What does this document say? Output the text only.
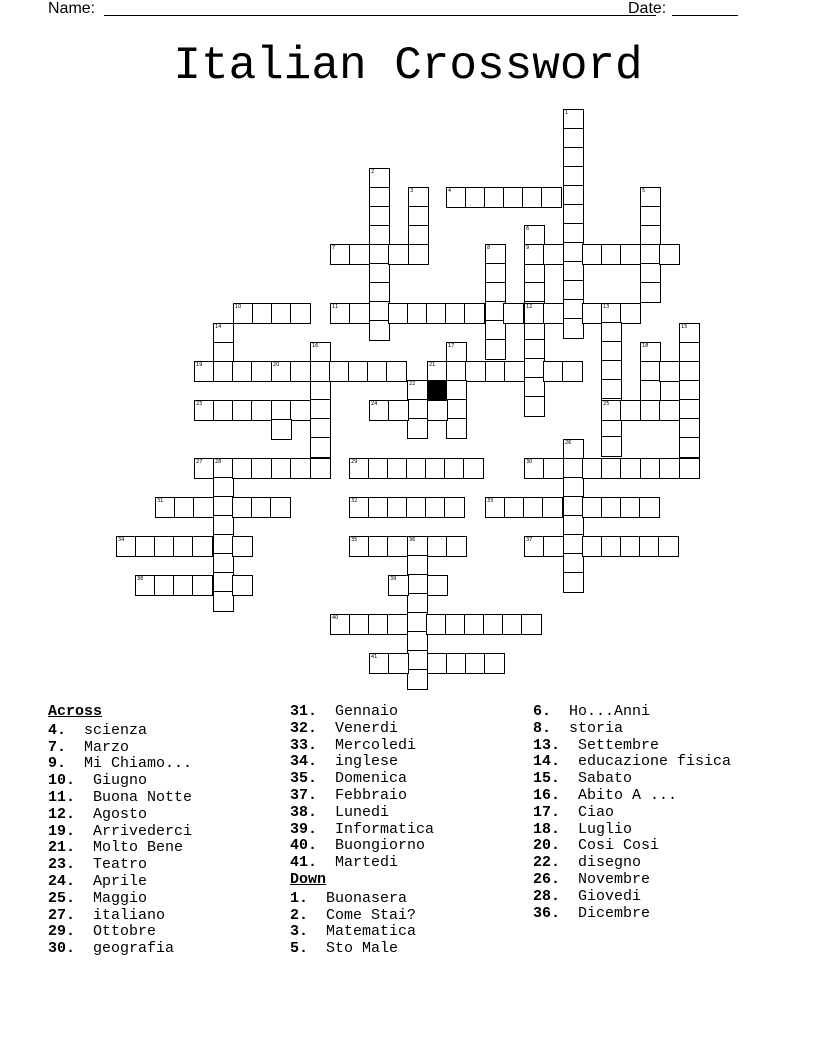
Name:	Date:
Italian Crossword
1
2
3	4	5
6
7	8	9
10	11	12	13
14	15
16	17	18
19	20	21
22
23	24	25
26
27	28	29	30
31	32	33
34	35	36	37
38	39
40
41
Across
4. scienza
7. Marzo
9. Mi Chiamo...
10. Giugno
11. Buona Notte
12. Agosto
19. Arrivederci
21. Molto Bene
23. Teatro
24. Aprile
25. Maggio
27. italiano
29. Ottobre
30. geografia
31. Gennaio
32. Venerdi
33. Mercoledi
34. inglese
35. Domenica
37. Febbraio
38. Lunedi
39. Informatica
40. Buongiorno
41. Martedi
Down
1. Buonasera
2. Come Stai?
3. Matematica
5. Sto Male
6. Ho...Anni
8. storia
13. Settembre
14. educazione fisica
15. Sabato
16. Abito A ...
17. Ciao
18. Luglio
20. Cosi Cosi
22. disegno
26. Novembre
28. Giovedi
36. Dicembre
